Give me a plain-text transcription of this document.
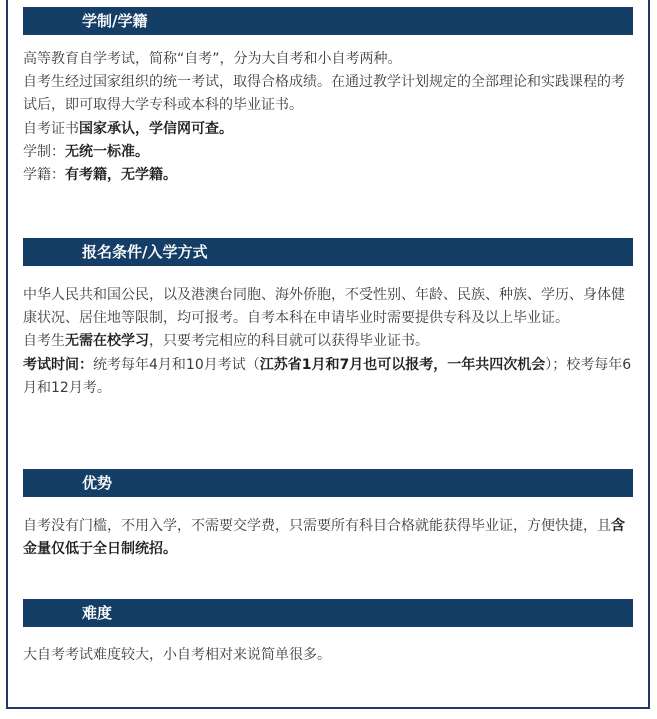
学制/学籍

高等教育自学考试，简称“自考”，分为大自考和小自考两种。

自考生经过国家组织的统一考试，取得合格成绩。在通过教学计划规定的全部理论和实践课程的考试后，即可取得大学专科或本科的毕业证书。

自考证书国家承认，学信网可查。

学制：无统一标准。

学籍：有考籍，无学籍。

报名条件/入学方式

中华人民共和国公民，以及港澳台同胞、海外侨胞，不受性别、年龄、民族、种族、学历、身体健康状况、居住地等限制，均可报考。自考本科在申请毕业时需要提供专科及以上毕业证。

自考生无需在校学习，只要考完相应的科目就可以获得毕业证书。

考试时间：统考每年4月和10月考试（江苏省1月和7月也可以报考，一年共四次机会）；校考每年6月和12月考。

优势

自考没有门槛，不用入学，不需要交学费，只需要所有科目合格就能获得毕业证，方便快捷，且含金量仅低于全日制统招。

难度

大自考考试难度较大，小自考相对来说简单很多。
